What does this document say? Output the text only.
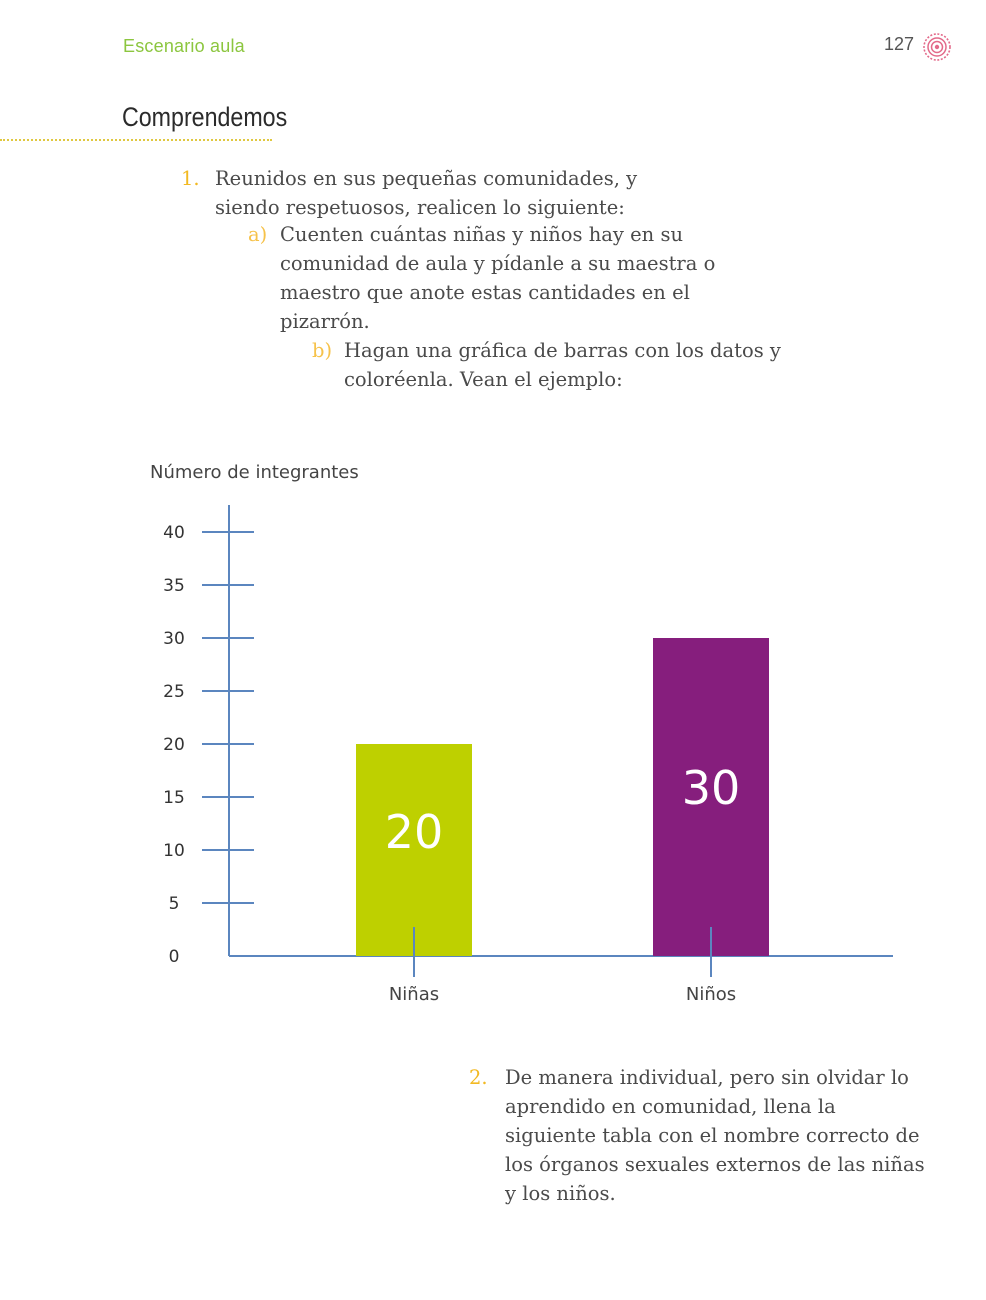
Escenario aula	127
Comprendemos
1. Reunidos en sus pequeñas comunidades, y siendo respetuosos, realicen lo siguiente:
a) Cuenten cuántas niñas y niños hay en su comunidad de aula y pídanle a su maestra o maestro que anote estas cantidades en el pizarrón.
b) Hagan una gráfica de barras con los datos y coloréenla. Vean el ejemplo:
Número de integrantes
0
5
10
15
20
25
30
35
40
20
Niñas
30
Niños
2. De manera individual, pero sin olvidar lo aprendido en comunidad, llena la siguiente tabla con el nombre correcto de los órganos sexuales externos de las niñas y los niños.
